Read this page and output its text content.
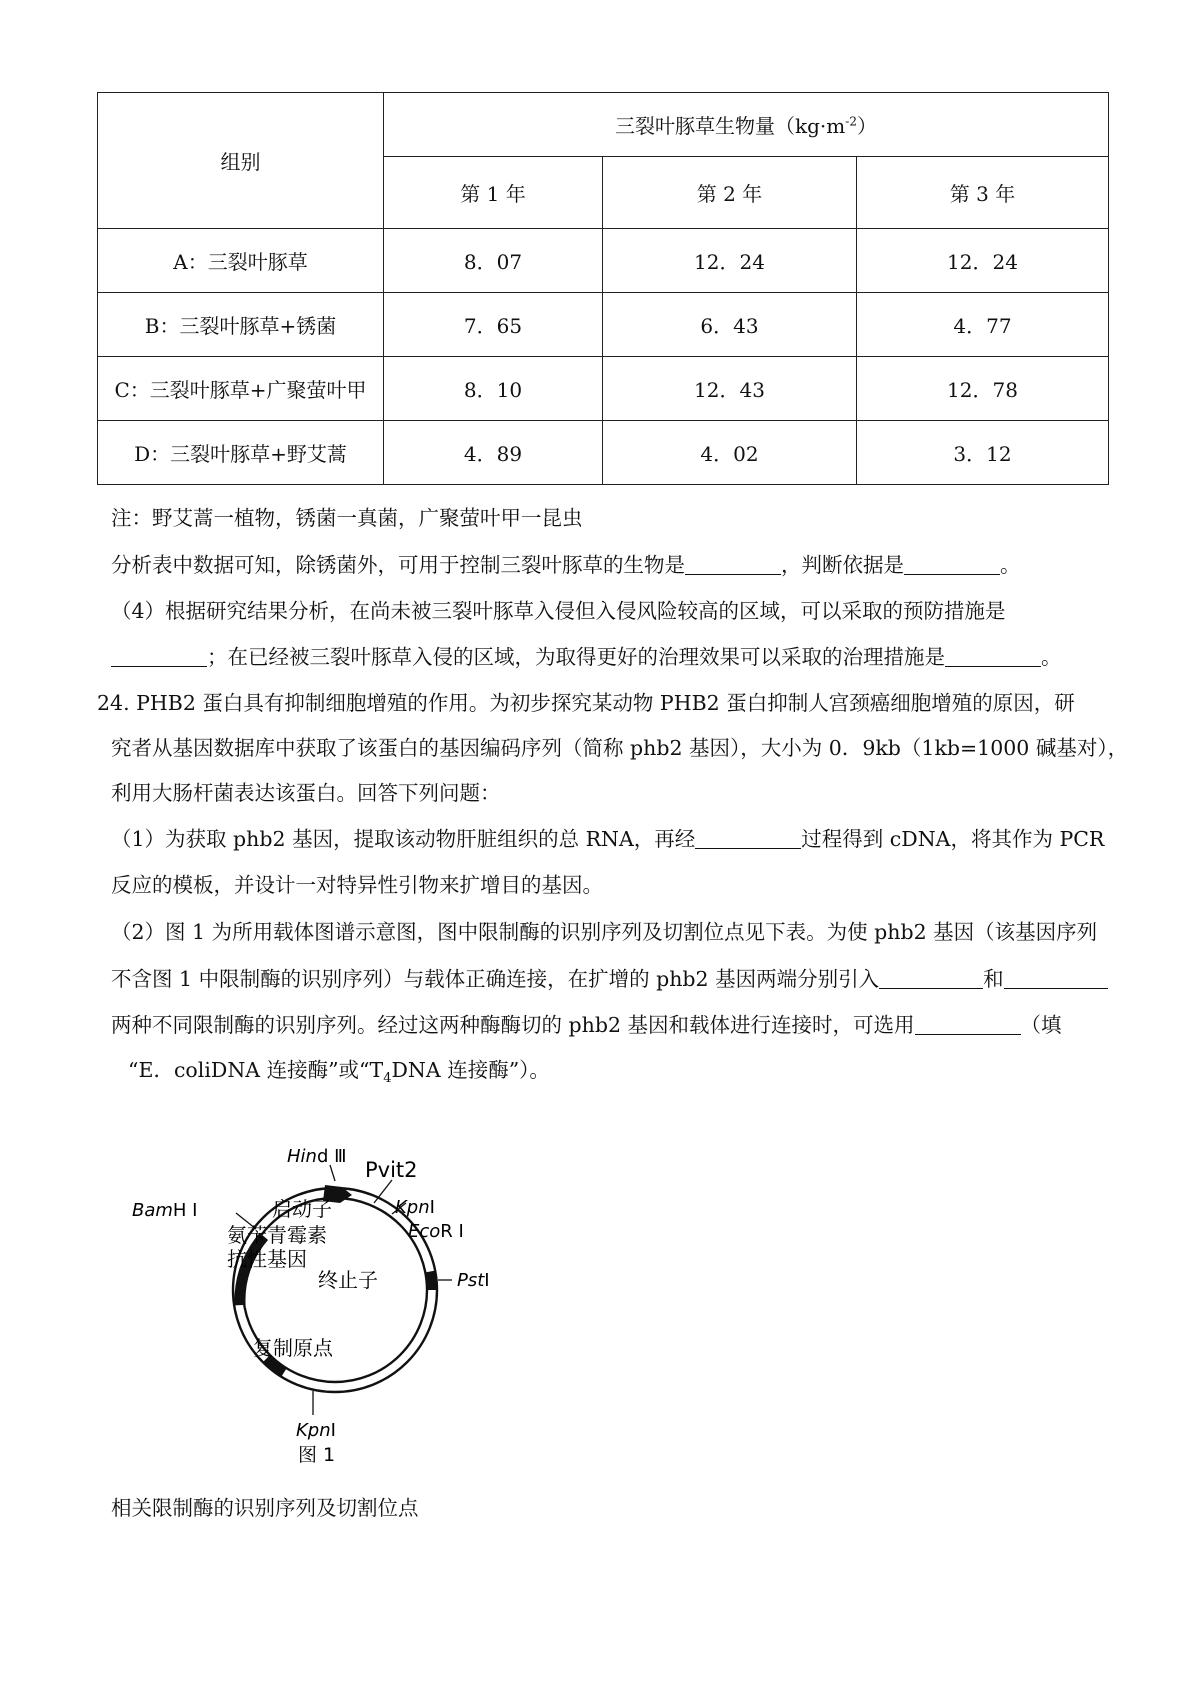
组别	三裂叶豚草生物量$(kg\cdot m^{-2})$		
	第 1 年	第 2 年	第 3 年
A：三裂叶豚草	8．07	12．24	12．24
B：三裂叶豚草+锈菌	7．65	6．43	4．77
C：三裂叶豚草+广聚萤叶甲	8．10	12．43	12．78
D：三裂叶豚草+野艾蒿	4．89	4．02	3．12
注：野艾蒿一植物，锈菌一真菌，广聚萤叶甲一昆虫
分析表中数据可知，除锈菌外，可用于控制三裂叶豚草的生物是	，判断依据是	。
（4）根据研究结果分析，在尚未被三裂叶豚草入侵但入侵风险较高的区域，可以采取的预防措施是
；在已经被三裂叶豚草入侵的区域，为取得更好的治理效果可以采取的治理措施是	。
24. PHB2 蛋白具有抑制细胞增殖的作用。为初步探究某动物 PHB2 蛋白抑制人宫颈癌细胞增殖的原因，研
究者从基因数据库中获取了该蛋白的基因编码序列（简称 phb2 基因），大小为 0．9kb（1kb=1000 碱基对），
利用大肠杆菌表达该蛋白。回答下列问题：
（1）为获取 phb2 基因，提取该动物肝脏组织的总 RNA，再经	过程得到 cDNA，将其作为 PCR
反应的模板，并设计一对特异性引物来扩增目的基因。
（2）图 1 为所用载体图谱示意图，图中限制酶的识别序列及切割位点见下表。为使 phb2 基因（该基因序列
不含图 1 中限制酶的识别序列）与载体正确连接，在扩增的 phb2 基因两端分别引入	和
两种不同限制酶的识别序列。经过这两种酶酶切的 phb2 基因和载体进行连接时，可选用	（填
“E．coliDNA 连接酶”或“$T_4DNA$ 连接酶”）。
Hind Ⅲ
Pvit2
BamH Ⅰ	KpnⅠ
EcoR Ⅰ
PstⅠ
KpnⅠ
启动子
氨苄青霉素
抗性基因
终止子
复制原点
图 1
相关限制酶的识别序列及切割位点
